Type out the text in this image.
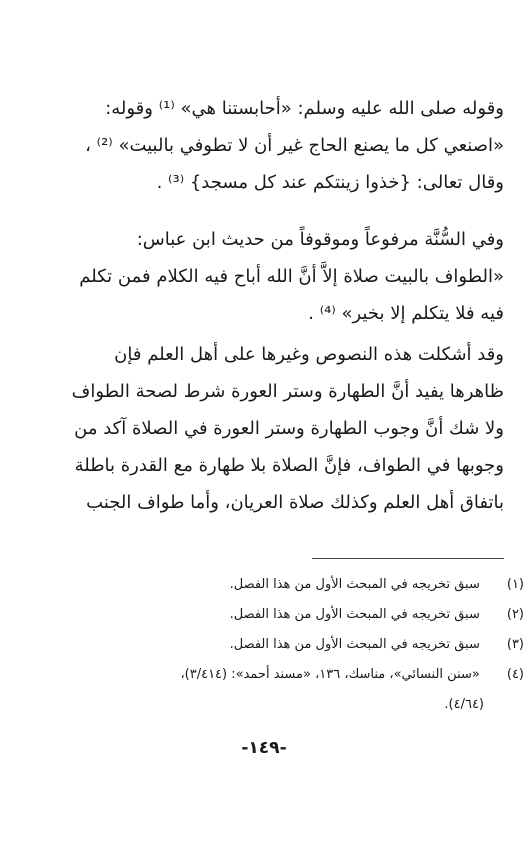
وقوله صلى الله عليه وسلم: «أحابستنا هي» ⁽¹⁾ وقوله:
«اصنعي كل ما يصنع الحاج غير أن لا تطوفي بالبيت» ⁽²⁾ ،
وقال تعالى: {خذوا زينتكم عند كل مسجد} ⁽³⁾ .
وفي السُّنَّة مرفوعاً وموقوفاً من حديث ابن عباس:
«الطواف بالبيت صلاة إلاَّ أنَّ الله أباح فيه الكلام فمن تكلم
فيه فلا يتكلم إلا بخير» ⁽⁴⁾ .
وقد أشكلت هذه النصوص وغيرها على أهل العلم فإن
ظاهرها يفيد أنَّ الطهارة وستر العورة شرط لصحة الطواف
ولا شك أنَّ وجوب الطهارة وستر العورة في الصلاة آكد من
وجوبها في الطواف، فإنَّ الصلاة بلا طهارة مع القدرة باطلة
باتفاق أهل العلم وكذلك صلاة العريان، وأما طواف الجنب
(١) سبق تخريجه في المبحث الأول من هذا الفصل.
(٢) سبق تخريجه في المبحث الأول من هذا الفصل.
(٣) سبق تخريجه في المبحث الأول من هذا الفصل.
(٤) «سنن النسائي»، مناسك، ١٣٦، «مسند أحمد»: (٣/٤١٤)،
(٤/٦٤).
-١٤٩-
